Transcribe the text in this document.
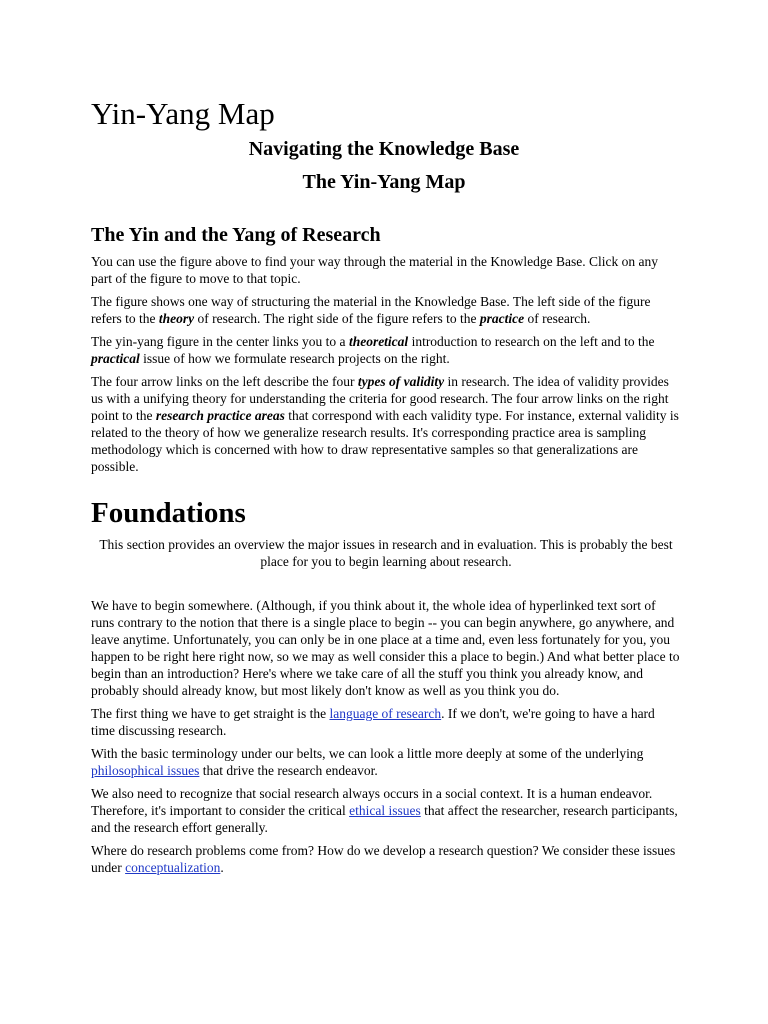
Yin-Yang Map
Navigating the Knowledge Base
The Yin-Yang Map
The Yin and the Yang of Research

You can use the figure above to find your way through the material in the Knowledge Base. Click on any part of the figure to move to that topic.

The figure shows one way of structuring the material in the Knowledge Base. The left side of the figure refers to the theory of research. The right side of the figure refers to the practice of research.

The yin-yang figure in the center links you to a theoretical introduction to research on the left and to the practical issue of how we formulate research projects on the right.

The four arrow links on the left describe the four types of validity in research. The idea of validity provides us with a unifying theory for understanding the criteria for good research. The four arrow links on the right point to the research practice areas that correspond with each validity type. For instance, external validity is related to the theory of how we generalize research results. It's corresponding practice area is sampling methodology which is concerned with how to draw representative samples so that generalizations are possible.

Foundations

This section provides an overview the major issues in research and in evaluation. This is probably the best place for you to begin learning about research.

We have to begin somewhere. (Although, if you think about it, the whole idea of hyperlinked text sort of runs contrary to the notion that there is a single place to begin -- you can begin anywhere, go anywhere, and leave anytime. Unfortunately, you can only be in one place at a time and, even less fortunately for you, you happen to be right here right now, so we may as well consider this a place to begin.) And what better place to begin than an introduction? Here's where we take care of all the stuff you think you already know, and probably should already know, but most likely don't know as well as you think you do.

The first thing we have to get straight is the language of research. If we don't, we're going to have a hard time discussing research.

With the basic terminology under our belts, we can look a little more deeply at some of the underlying philosophical issues that drive the research endeavor.

We also need to recognize that social research always occurs in a social context. It is a human endeavor. Therefore, it's important to consider the critical ethical issues that affect the researcher, research participants, and the research effort generally.

Where do research problems come from? How do we develop a research question? We consider these issues under conceptualization.
